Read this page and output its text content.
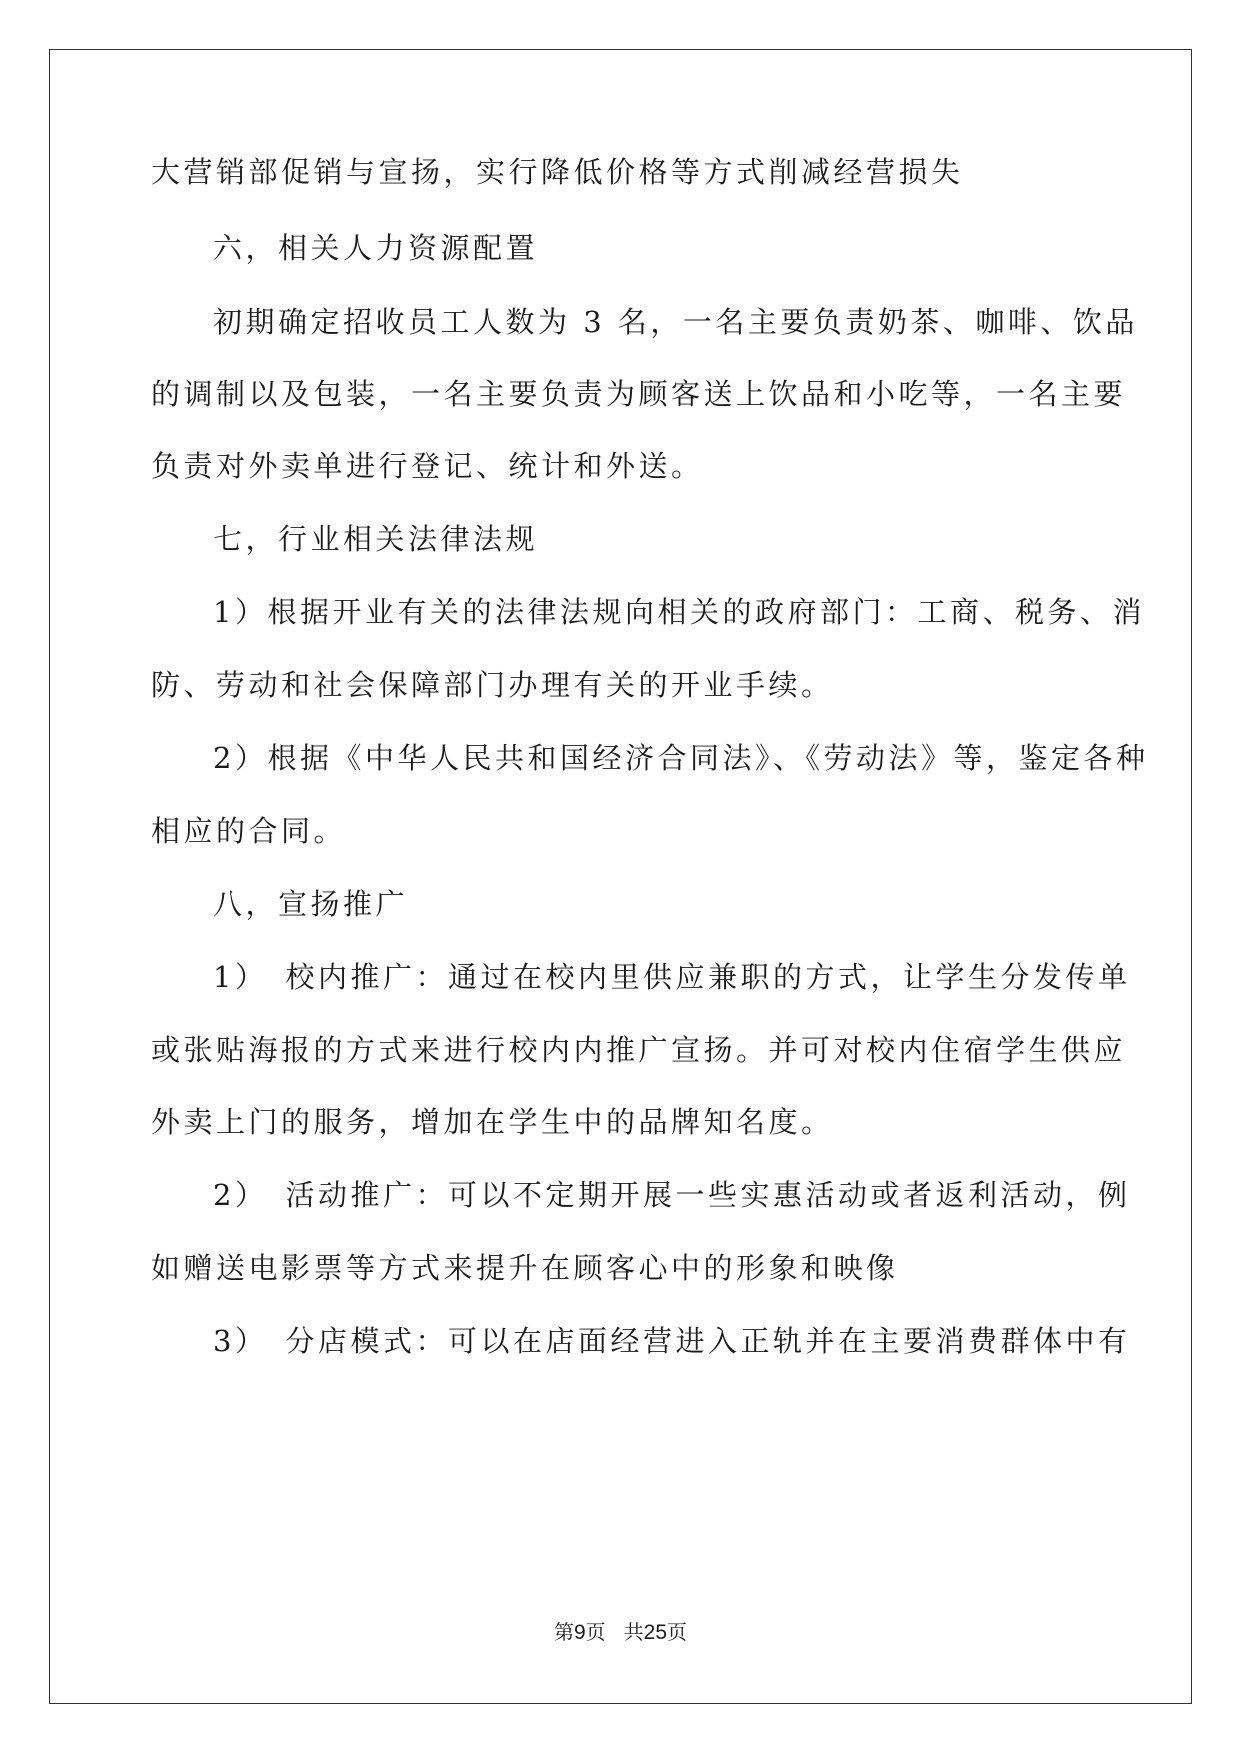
大营销部促销与宣扬，实行降低价格等方式削减经营损失
六，相关人力资源配置
初期确定招收员工人数为 3 名，一名主要负责奶茶、咖啡、饮品
的调制以及包装，一名主要负责为顾客送上饮品和小吃等，一名主要
负责对外卖单进行登记、统计和外送。
七，行业相关法律法规
1）根据开业有关的法律法规向相关的政府部门：工商、税务、消
防、劳动和社会保障部门办理有关的开业手续。
2）根据《中华人民共和国经济合同法》、《劳动法》等，鉴定各种
相应的合同。
八，宣扬推广
1）　校内推广：通过在校内里供应兼职的方式，让学生分发传单
或张贴海报的方式来进行校内内推广宣扬。并可对校内住宿学生供应
外卖上门的服务，增加在学生中的品牌知名度。
2）　活动推广：可以不定期开展一些实惠活动或者返利活动，例
如赠送电影票等方式来提升在顾客心中的形象和映像
3）　分店模式：可以在店面经营进入正轨并在主要消费群体中有
第9页 共25页
